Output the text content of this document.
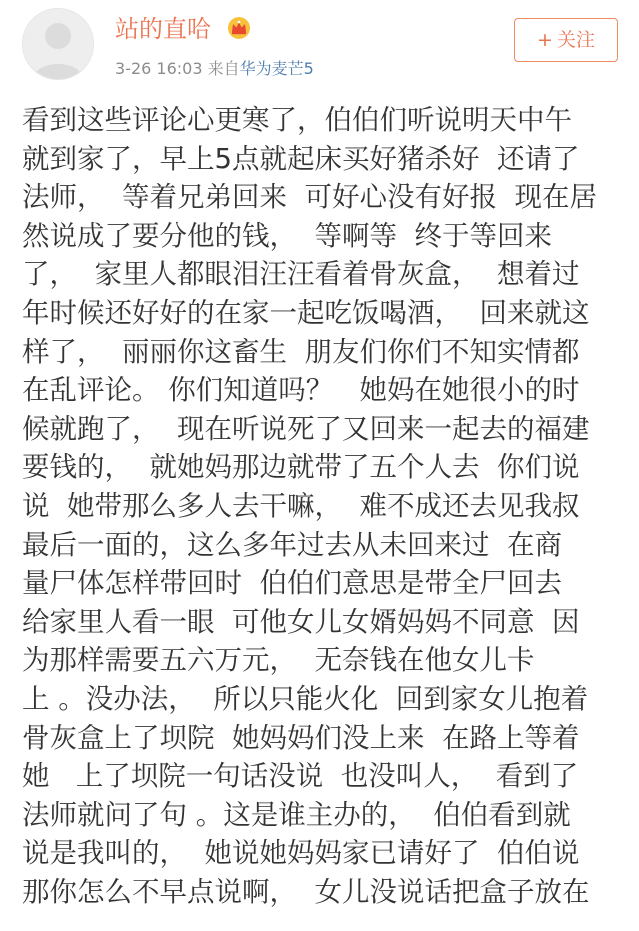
站的直哈
3-26 16:03 来自华为麦芒5
+ 关注
看到这些评论心更寒了，伯伯们听说明天中午
就到家了，早上5点就起床买好猪杀好  还请了
法师，  等着兄弟回来  可好心没有好报  现在居
然说成了要分他的钱，  等啊等  终于等回来
了，  家里人都眼泪汪汪看着骨灰盒，  想着过
年时候还好好的在家一起吃饭喝酒，  回来就这
样了，  丽丽你这畜生  朋友们你们不知实情都
在乱评论。 你们知道吗？   她妈在她很小的时
候就跑了，  现在听说死了又回来一起去的福建
要钱的，  就她妈那边就带了五个人去  你们说
说  她带那么多人去干嘛，  难不成还去见我叔
最后一面的，这么多年过去从未回来过  在商
量尸体怎样带回时  伯伯们意思是带全尸回去
给家里人看一眼  可他女儿女婿妈妈不同意  因
为那样需要五六万元，  无奈钱在他女儿卡
上 。没办法，  所以只能火化  回到家女儿抱着
骨灰盒上了坝院  她妈妈们没上来  在路上等着
她   上了坝院一句话没说  也没叫人，  看到了
法师就问了句 。这是谁主办的，  伯伯看到就
说是我叫的，  她说她妈妈家已请好了  伯伯说
那你怎么不早点说啊，  女儿没说话把盒子放在
